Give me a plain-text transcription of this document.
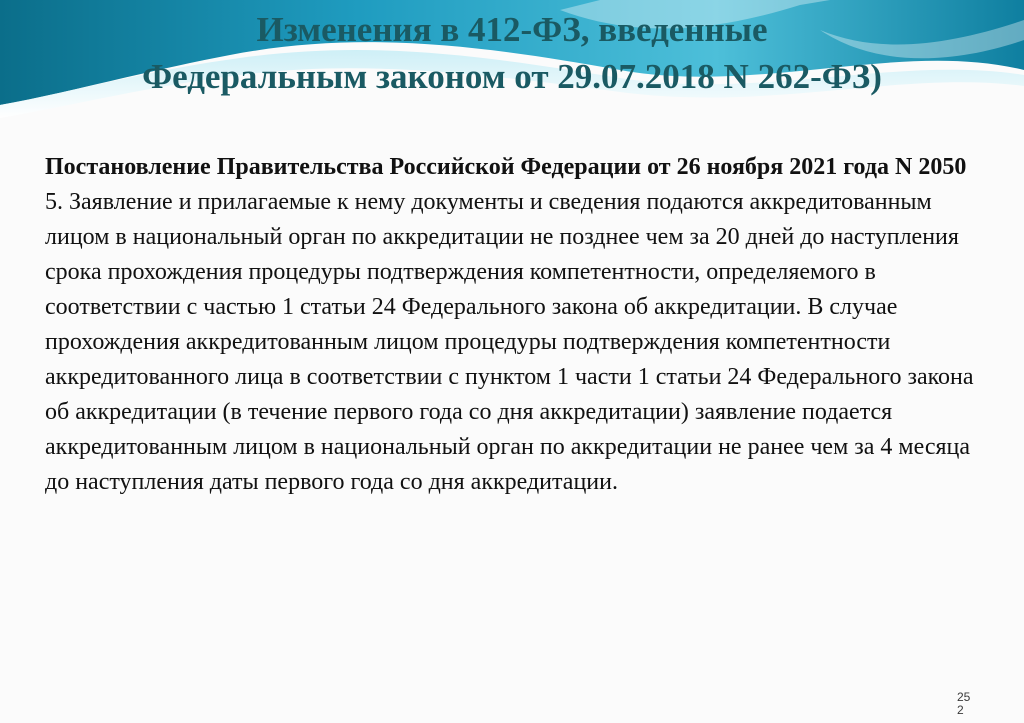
Изменения в 412-ФЗ, введенные
Федеральным законом от 29.07.2018 N 262-ФЗ)
Постановление Правительства Российской Федерации от 26 ноября 2021 года N 2050
5. Заявление и прилагаемые к нему документы и сведения подаются аккредитованным лицом в национальный орган по аккредитации не позднее чем за 20 дней до наступления срока прохождения процедуры подтверждения компетентности, определяемого в соответствии с частью 1 статьи 24 Федерального закона об аккредитации. В случае прохождения аккредитованным лицом процедуры подтверждения компетентности аккредитованного лица в соответствии с пунктом 1 части 1 статьи 24 Федерального закона об аккредитации (в течение первого года со дня аккредитации) заявление подается аккредитованным лицом в национальный орган по аккредитации не ранее чем за 4 месяца до наступления даты первого года со дня аккредитации.
25
2
